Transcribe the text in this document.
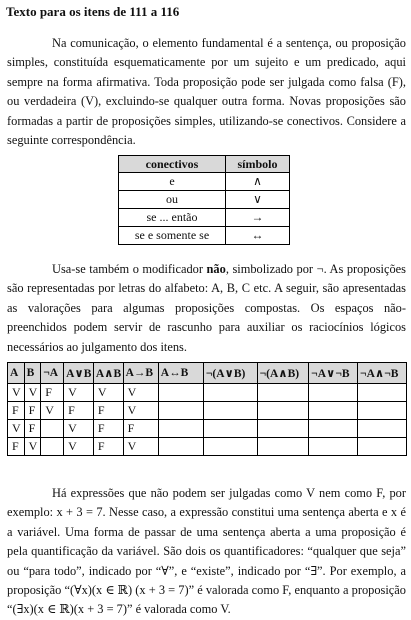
Texto para os itens de 111 a 116
Na comunicação, o elemento fundamental é a sentença, ou proposição simples, constituída esquematicamente por um sujeito e um predicado, aqui sempre na forma afirmativa. Toda proposição pode ser julgada como falsa (F), ou verdadeira (V), excluindo-se qualquer outra forma. Novas proposições são formadas a partir de proposições simples, utilizando-se conectivos. Considere a seguinte correspondência.
conectivos	símbolo
e	∧
ou	∨
se ... então	→
se e somente se	↔
Usa-se também o modificador não, simbolizado por ¬. As proposições são representadas por letras do alfabeto: A, B, C etc. A seguir, são apresentadas as valorações para algumas proposições compostas. Os espaços não-preenchidos podem servir de rascunho para auxiliar os raciocínios lógicos necessários ao julgamento dos itens.
A	B	¬A	A∨B	A∧B	A→B	A↔B	¬(A∨B)	¬(A∧B)	¬A∨¬B	¬A∧¬B
V	V	F	V	V	V					
F	F	V	F	F	V					
V	F		V	F	F					
F	V		V	F	V					
Há expressões que não podem ser julgadas como V nem como F, por exemplo: x + 3 = 7. Nesse caso, a expressão constitui uma sentença aberta e x é a variável. Uma forma de passar de uma sentença aberta a uma proposição é pela quantificação da variável. São dois os quantificadores: “qualquer que seja” ou “para todo”, indicado por “∀”, e “existe”, indicado por “∃”. Por exemplo, a proposição “(∀x)(x ∈ ℝ) (x + 3 = 7)” é valorada como F, enquanto a proposição “(∃x)(x ∈ ℝ)(x + 3 = 7)” é valorada como V.
